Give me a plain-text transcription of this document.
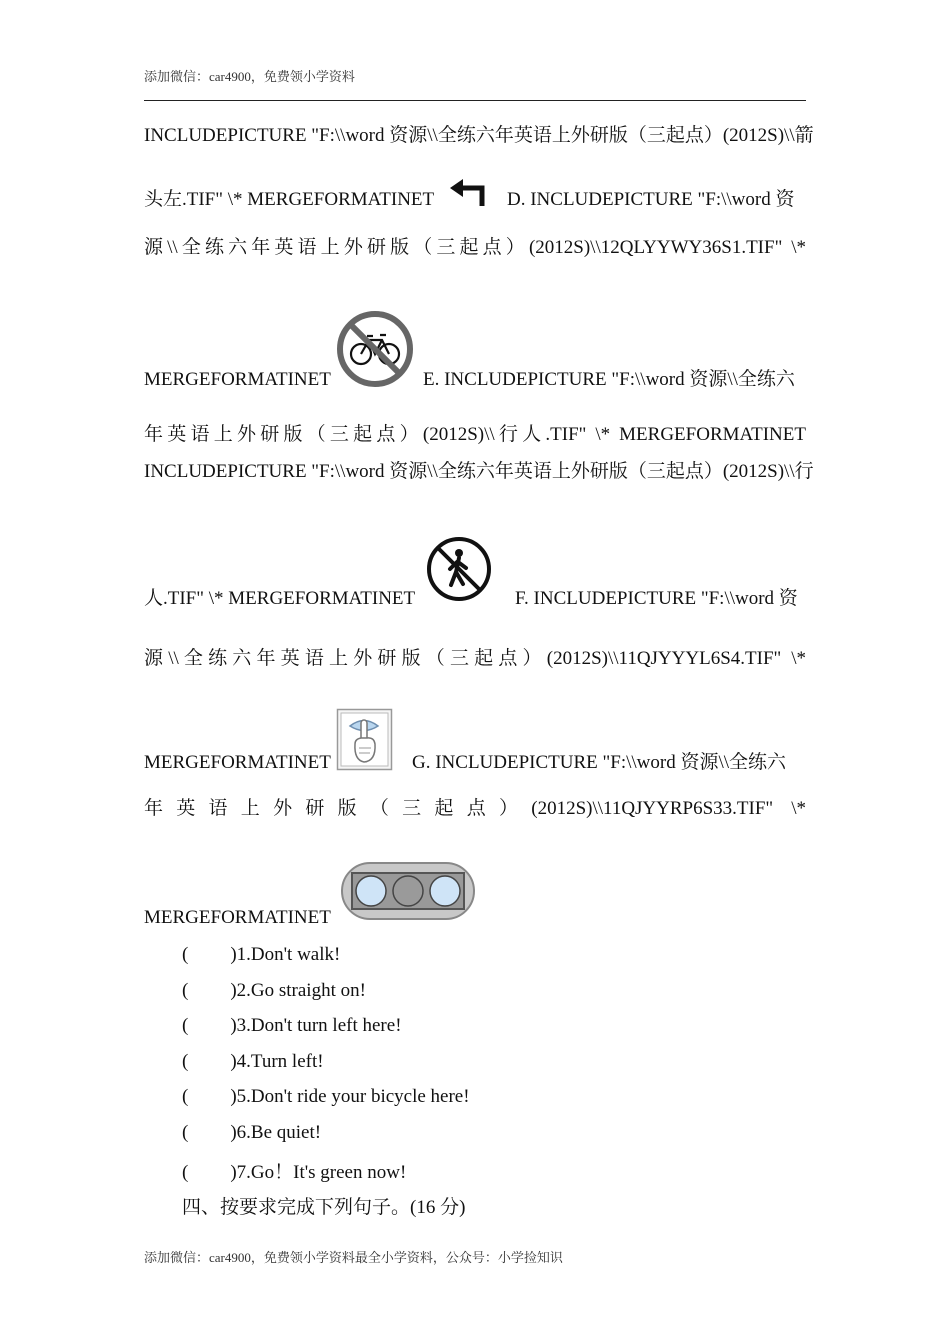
添加微信：car4900，免费领小学资料
INCLUDEPICTURE "F:\\word 资源\\全练六年英语上外研版（三起点）(2012S)\\箭
头左.TIF" \* MERGEFORMATINET	D. INCLUDEPICTURE "F:\\word 资
源\\全练六年英语上外研版（三起点）(2012S)\\12QLYYWY36S1.TIF" \*
MERGEFORMATINET	E. INCLUDEPICTURE "F:\\word 资源\\全练六
年英语上外研版（三起点）(2012S)\\行人.TIF" \* MERGEFORMATINET
INCLUDEPICTURE "F:\\word 资源\\全练六年英语上外研版（三起点）(2012S)\\行
人.TIF" \* MERGEFORMATINET	F. INCLUDEPICTURE "F:\\word 资
源\\全练六年英语上外研版（三起点）(2012S)\\11QJYYYL6S4.TIF" \*
MERGEFORMATINET	G. INCLUDEPICTURE "F:\\word 资源\\全练六
年英语上外研版（三起点）(2012S)\\11QJYYRP6S33.TIF" \*
MERGEFORMATINET
( )1.Don't walk!
( )2.Go straight on!
( )3.Don't turn left here!
( )4.Turn left!
( )5.Don't ride your bicycle here!
( )6.Be quiet!
( )7.Go！It's green now!
四、按要求完成下列句子。(16 分)
添加微信：car4900，免费领小学资料最全小学资料，公众号：小学捡知识
